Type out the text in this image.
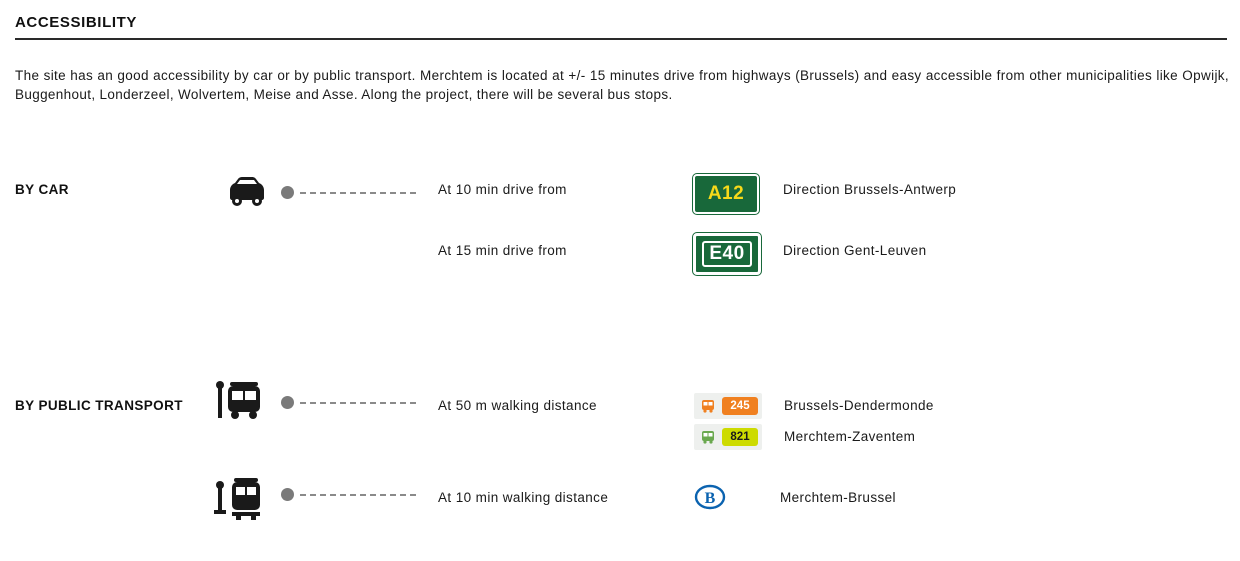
ACCESSIBILITY
The site has an good accessibility by car or by public transport. Merchtem is located at +/- 15 minutes drive from highways (Brussels) and easy accessible from other municipalities like Opwijk, Buggenhout, Londerzeel, Wolvertem, Meise and Asse. Along the project, there will be several bus stops.
BY CAR	At 10 min drive from	A12	Direction Brussels-Antwerp
At 15 min drive from	E40	Direction Gent-Leuven
BY PUBLIC TRANSPORT	At 50 m walking distance	245	Brussels-Dendermonde
821	Merchtem-Zaventem
At 10 min walking distance	B	Merchtem-Brussel
